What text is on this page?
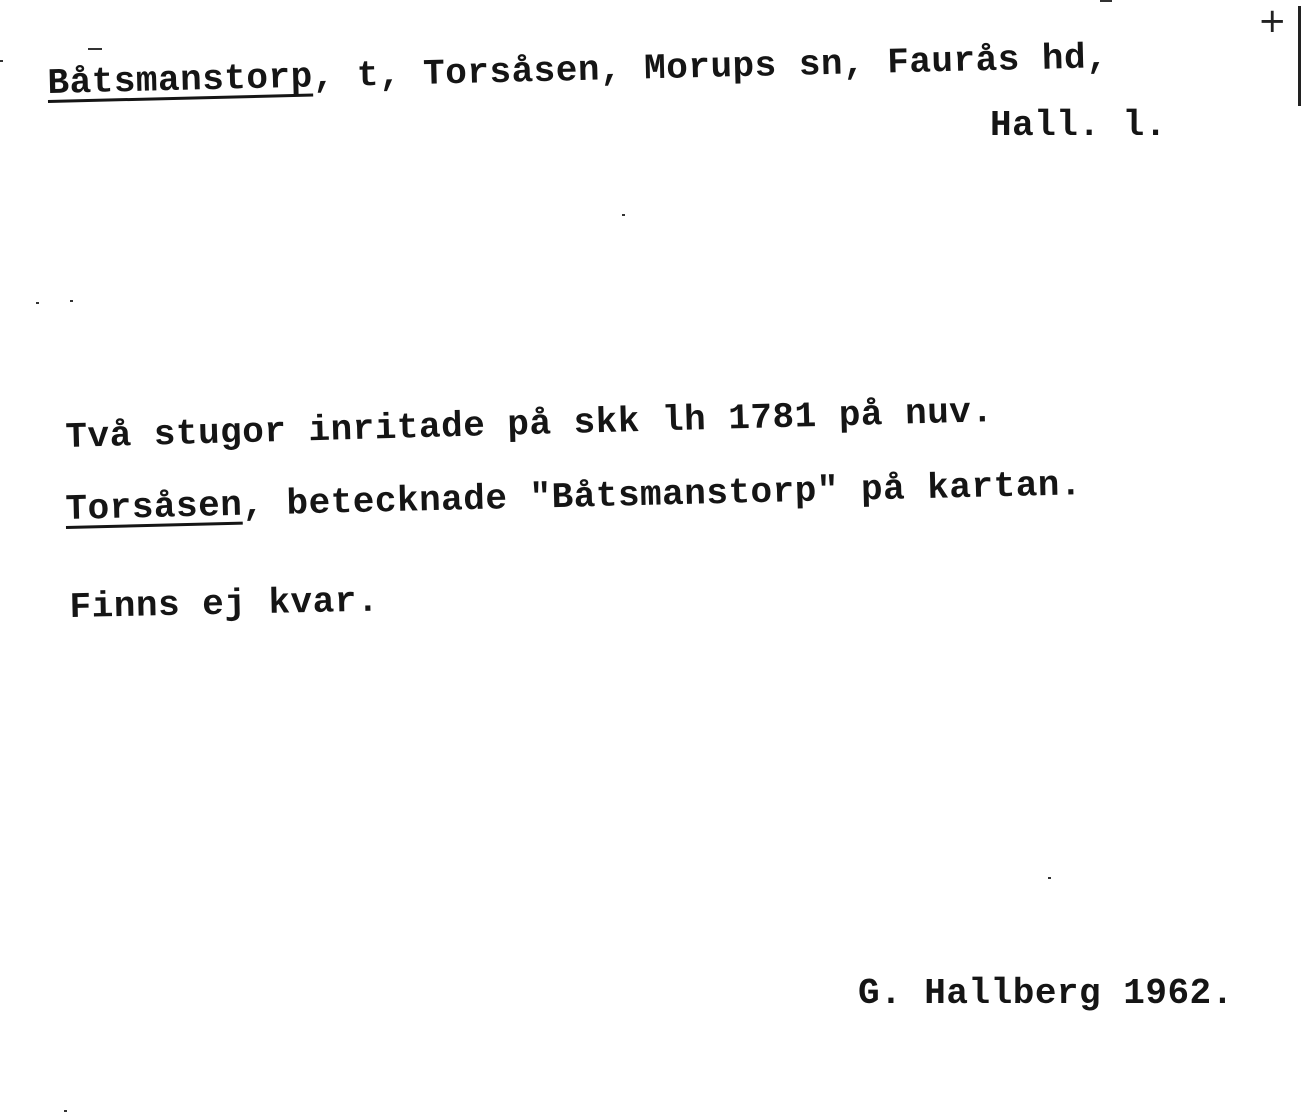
Båtsmanstorp, t, Torsåsen, Morups sn, Faurås hd,
Hall. l.
Två stugor inritade på skk lh 1781 på nuv.
Torsåsen, betecknade "Båtsmanstorp" på kartan.
Finns ej kvar.
G. Hallberg 1962.
+
